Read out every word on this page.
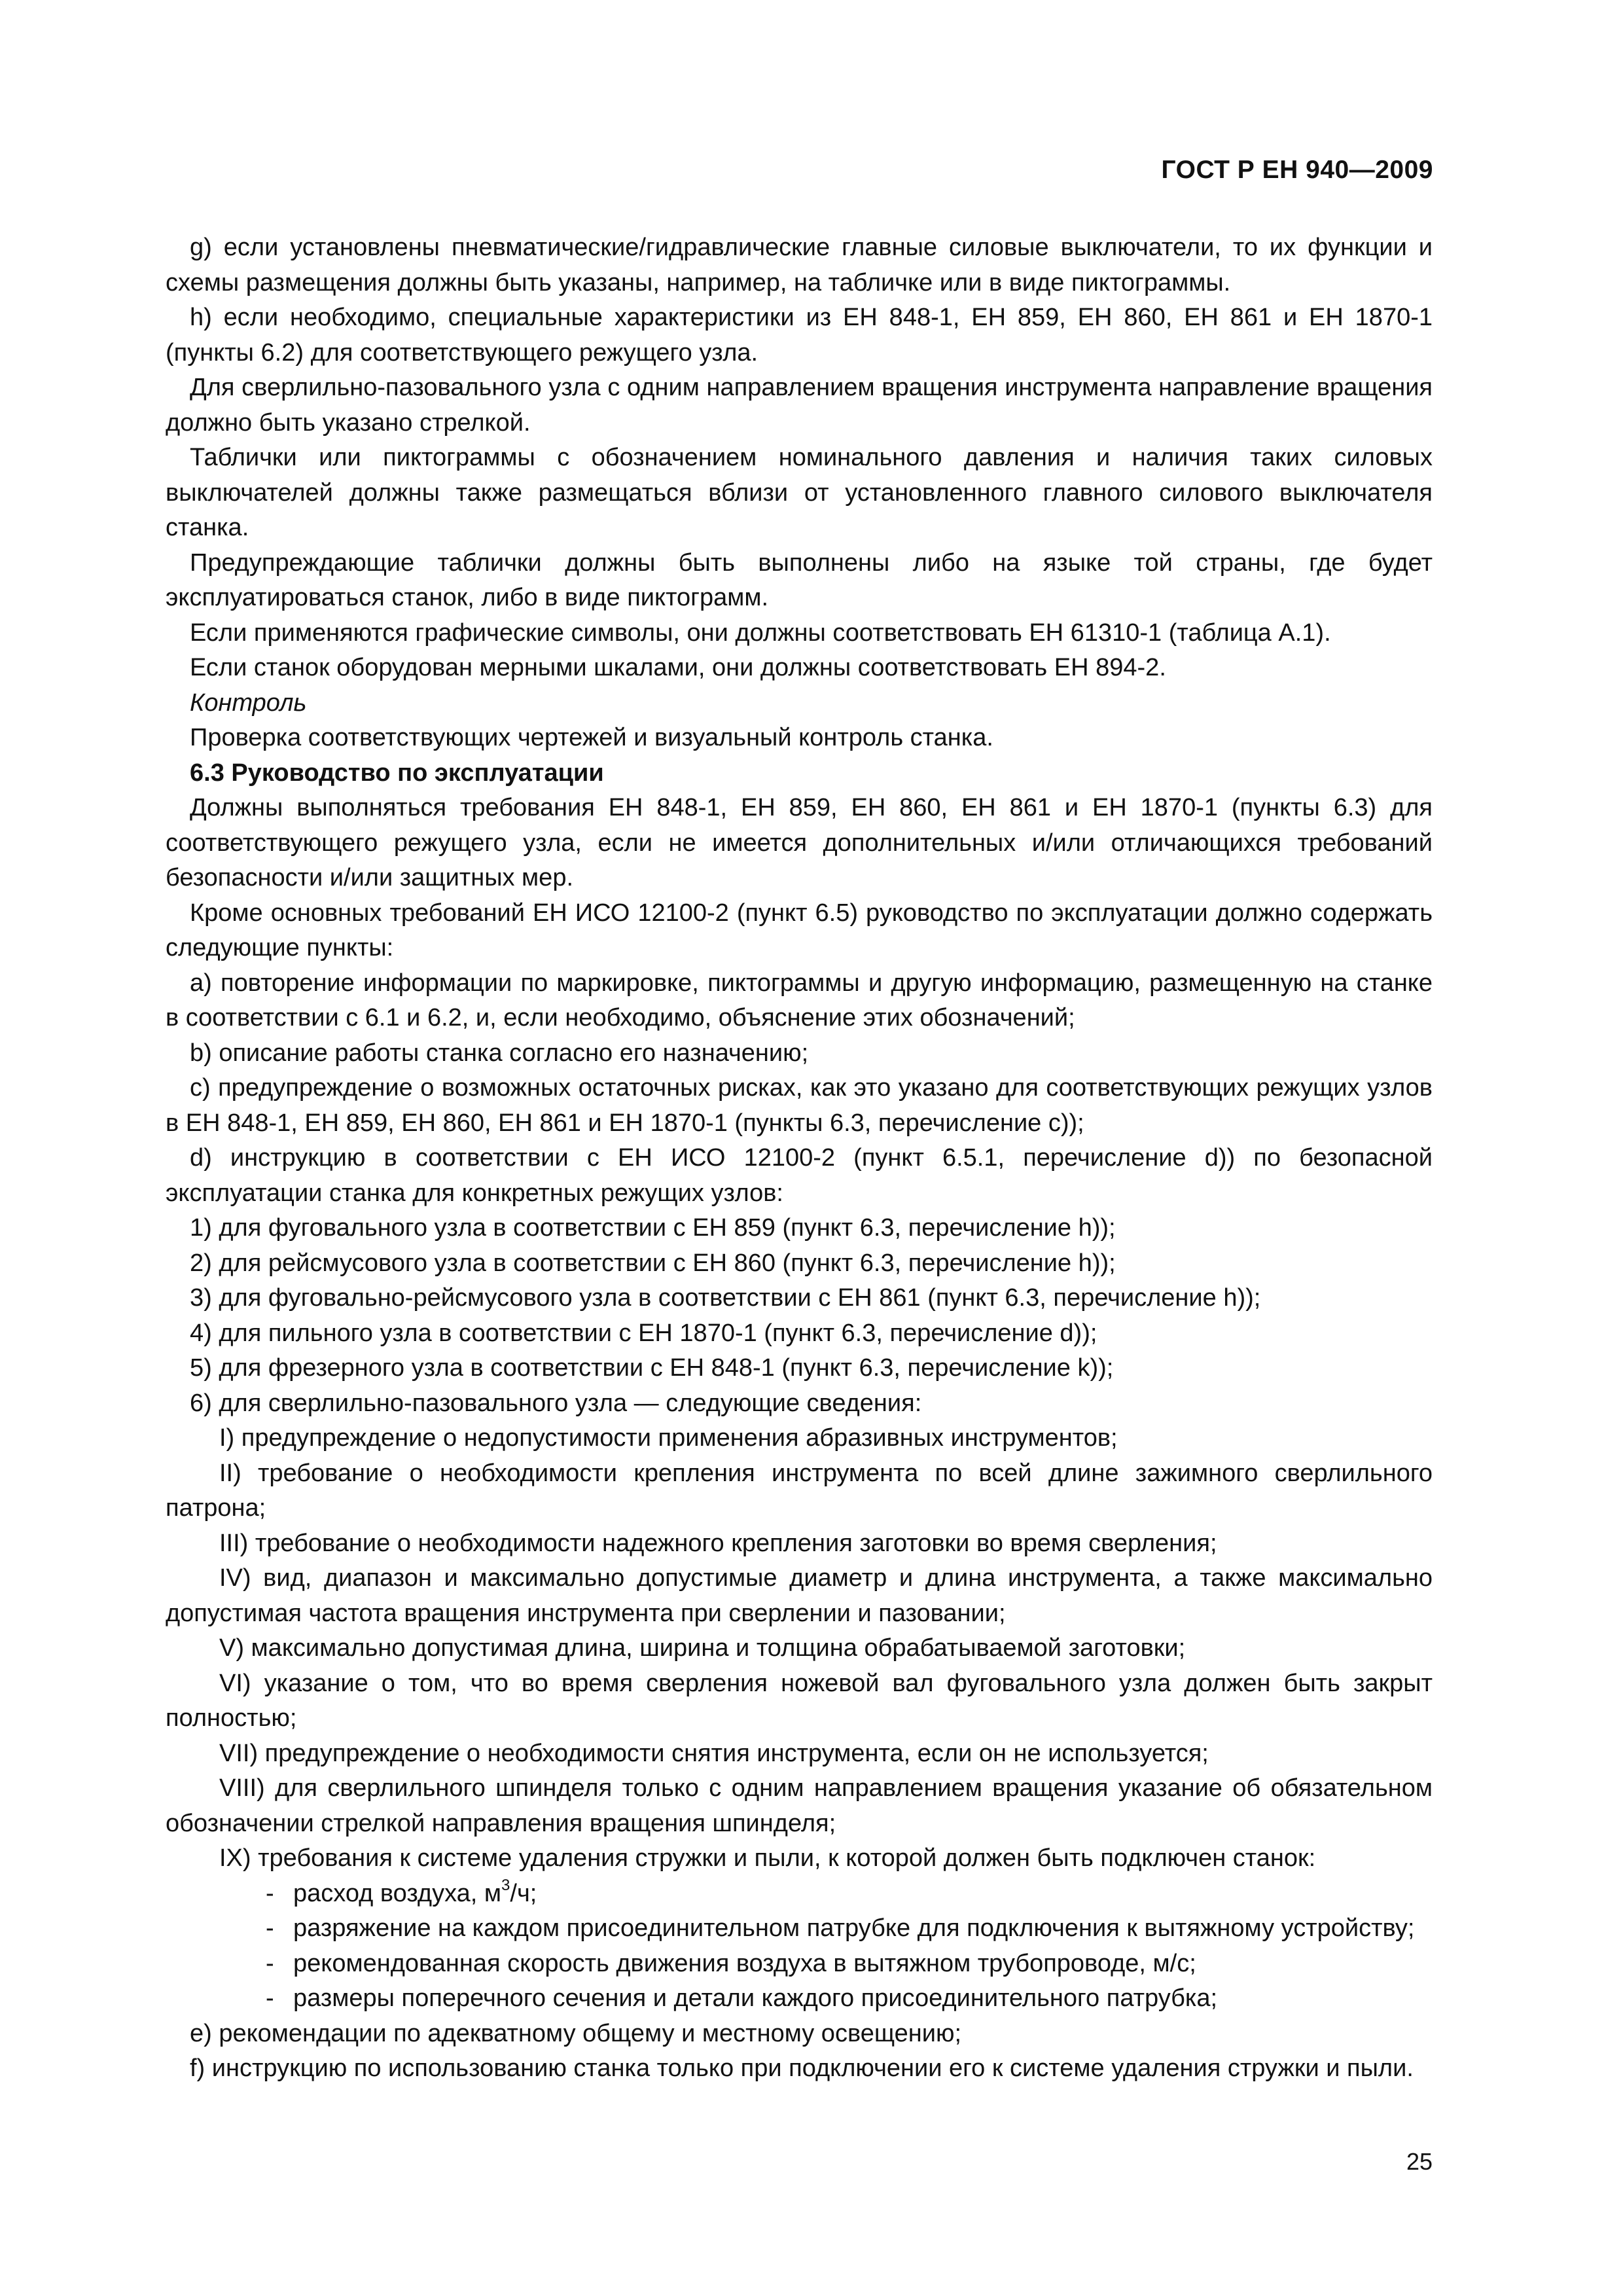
ГОСТ Р ЕН 940—2009

g) если установлены пневматические/гидравлические главные силовые выключатели, то их функции и схемы размещения должны быть указаны, например, на табличке или в виде пиктограммы.

h) если необходимо, специальные характеристики из ЕН 848-1, ЕН 859, ЕН 860, ЕН 861 и ЕН 1870-1 (пункты 6.2) для соответствующего режущего узла.

Для сверлильно-пазовального узла с одним направлением вращения инструмента направление вращения должно быть указано стрелкой.

Таблички или пиктограммы с обозначением номинального давления и наличия таких силовых выключателей должны также размещаться вблизи от установленного главного силового выключателя станка.

Предупреждающие таблички должны быть выполнены либо на языке той страны, где будет эксплуатироваться станок, либо в виде пиктограмм.

Если применяются графические символы, они должны соответствовать ЕН 61310-1 (таблица А.1).

Если станок оборудован мерными шкалами, они должны соответствовать ЕН 894-2.

Контроль

Проверка соответствующих чертежей и визуальный контроль станка.

6.3 Руководство по эксплуатации

Должны выполняться требования ЕН 848-1, ЕН 859, ЕН 860, ЕН 861 и ЕН 1870-1 (пункты 6.3) для соответствующего режущего узла, если не имеется дополнительных и/или отличающихся требований безопасности и/или защитных мер.

Кроме основных требований ЕН ИСО 12100-2 (пункт 6.5) руководство по эксплуатации должно содержать следующие пункты:

a) повторение информации по маркировке, пиктограммы и другую информацию, размещенную на станке в соответствии с 6.1 и 6.2, и, если необходимо, объяснение этих обозначений;

b) описание работы станка согласно его назначению;

c) предупреждение о возможных остаточных рисках, как это указано для соответствующих режущих узлов в ЕН 848-1, ЕН 859, ЕН 860, ЕН 861 и ЕН 1870-1 (пункты 6.3, перечисление c));

d) инструкцию в соответствии с ЕН ИСО 12100-2 (пункт 6.5.1, перечисление d)) по безопасной эксплуатации станка для конкретных режущих узлов:

1) для фуговального узла в соответствии с ЕН 859 (пункт 6.3, перечисление h));

2) для рейсмусового узла в соответствии с ЕН 860 (пункт 6.3, перечисление h));

3) для фуговально-рейсмусового узла в соответствии с ЕН 861 (пункт 6.3, перечисление h));

4) для пильного узла в соответствии с ЕН 1870-1 (пункт 6.3, перечисление d));

5) для фрезерного узла в соответствии с ЕН 848-1 (пункт 6.3, перечисление k));

6) для сверлильно-пазовального узла — следующие сведения:

I) предупреждение о недопустимости применения абразивных инструментов;

II) требование о необходимости крепления инструмента по всей длине зажимного сверлильного патрона;

III) требование о необходимости надежного крепления заготовки во время сверления;

IV) вид, диапазон и максимально допустимые диаметр и длина инструмента, а также максимально допустимая частота вращения инструмента при сверлении и пазовании;

V) максимально допустимая длина, ширина и толщина обрабатываемой заготовки;

VI) указание о том, что во время сверления ножевой вал фуговального узла должен быть закрыт полностью;

VII) предупреждение о необходимости снятия инструмента, если он не используется;

VIII) для сверлильного шпинделя только с одним направлением вращения указание об обязательном обозначении стрелкой направления вращения шпинделя;

IX) требования к системе удаления стружки и пыли, к которой должен быть подключен станок:

- расход воздуха, $м^3/ч$;
- разряжение на каждом присоединительном патрубке для подключения к вытяжному устройству;
- рекомендованная скорость движения воздуха в вытяжном трубопроводе, м/с;
- размеры поперечного сечения и детали каждого присоединительного патрубка;

e) рекомендации по адекватному общему и местному освещению;

f) инструкцию по использованию станка только при подключении его к системе удаления стружки и пыли.

25
